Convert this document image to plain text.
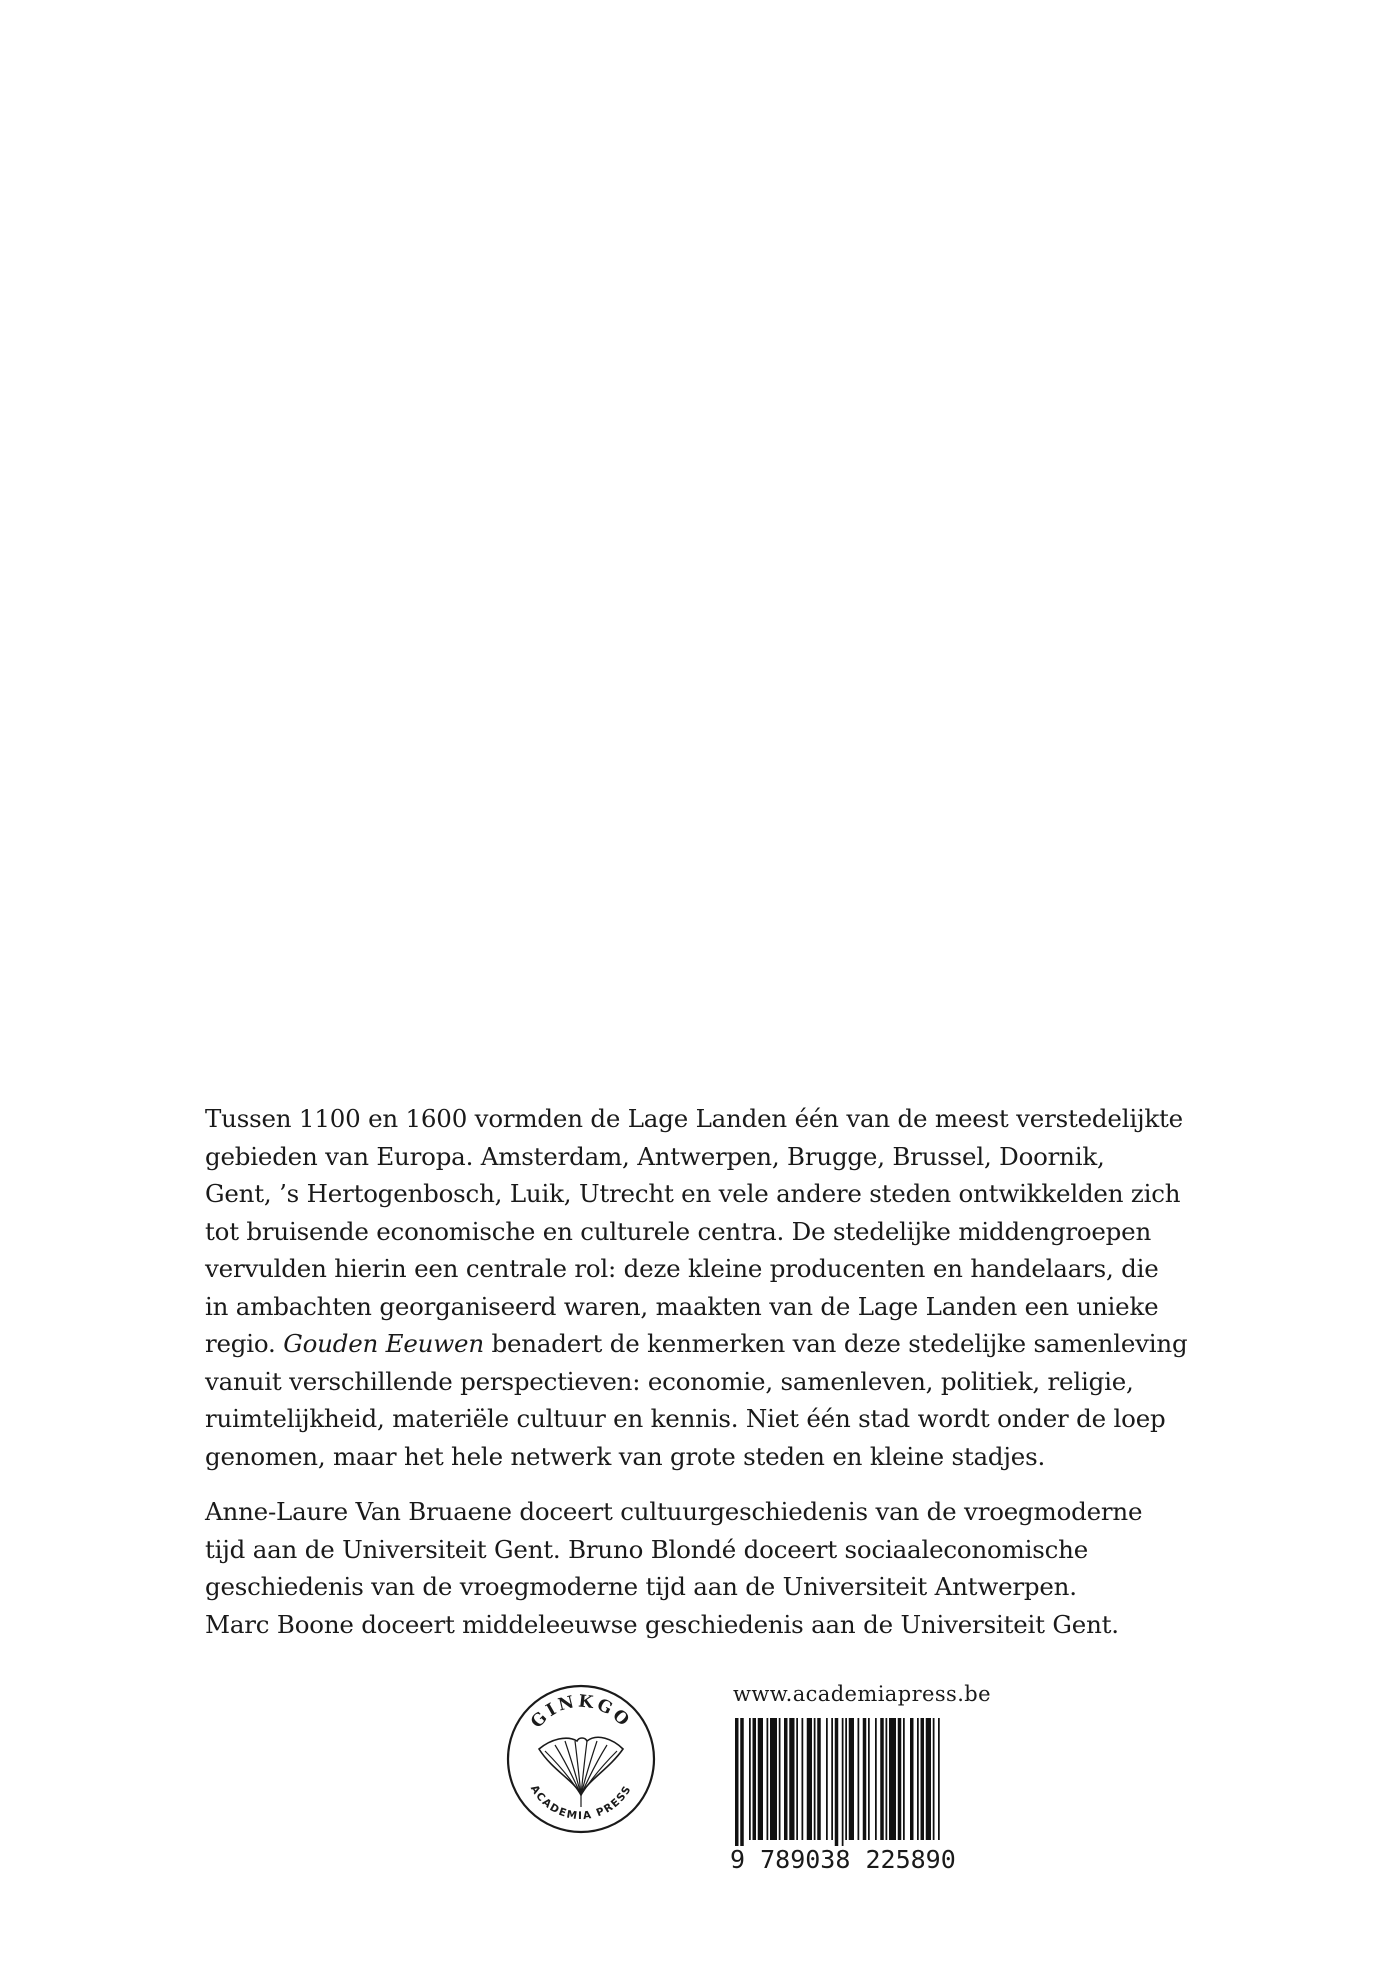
Tussen 1100 en 1600 vormden de Lage Landen één van de meest verstedelijkte

gebieden van Europa. Amsterdam, Antwerpen, Brugge, Brussel, Doornik,

Gent, ’s Hertogenbosch, Luik, Utrecht en vele andere steden ontwikkelden zich

tot bruisende economische en culturele centra. De stedelijke middengroepen

vervulden hierin een centrale rol: deze kleine producenten en handelaars, die

in ambachten georganiseerd waren, maakten van de Lage Landen een unieke

regio. Gouden Eeuwen benadert de kenmerken van deze stedelijke samenleving

vanuit verschillende perspectieven: economie, samenleven, politiek, religie,

ruimtelijkheid, materiële cultuur en kennis. Niet één stad wordt onder de loep

genomen, maar het hele netwerk van grote steden en kleine stadjes.

Anne-Laure Van Bruaene doceert cultuurgeschiedenis van de vroegmoderne

tijd aan de Universiteit Gent. Bruno Blondé doceert sociaaleconomische

geschiedenis van de vroegmoderne tijd aan de Universiteit Antwerpen.

Marc Boone doceert middeleeuwse geschiedenis aan de Universiteit Gent.

GINKGO
ACADEMIA PRESS
www.academiapress.be
9 789038 225890
